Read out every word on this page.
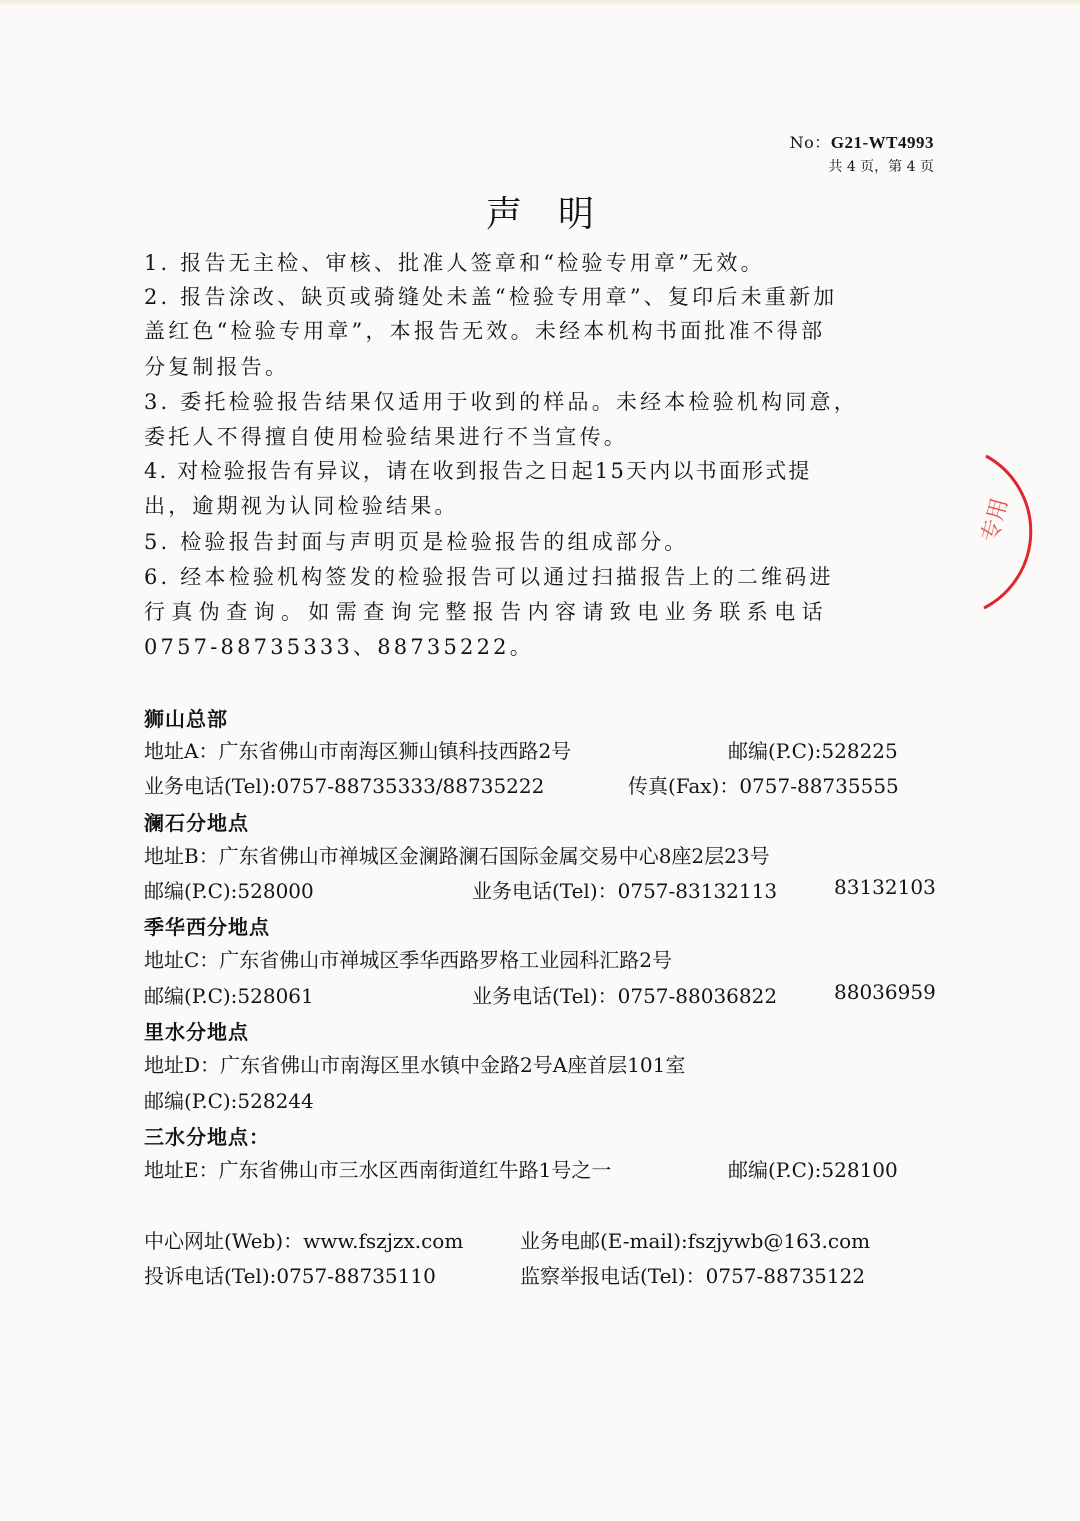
No：G21-WT4993
共 4 页，第 4 页
声明
1. 报告无主检、审核、批准人签章和“检验专用章”无效。
2. 报告涂改、缺页或骑缝处未盖“检验专用章”、复印后未重新加
盖红色“检验专用章”，本报告无效。未经本机构书面批准不得部
分复制报告。
3. 委托检验报告结果仅适用于收到的样品。未经本检验机构同意，
委托人不得擅自使用检验结果进行不当宣传。
4. 对检验报告有异议，请在收到报告之日起15天内以书面形式提
出，逾期视为认同检验结果。
5. 检验报告封面与声明页是检验报告的组成部分。
6. 经本检验机构签发的检验报告可以通过扫描报告上的二维码进
行真伪查询。如需查询完整报告内容请致电业务联系电话
0757-88735333、88735222。
狮山总部
地址A：广东省佛山市南海区狮山镇科技西路2号	邮编(P.C):528225
业务电话(Tel):0757-88735333/88735222	传真(Fax)：0757-88735555
澜石分地点
地址B：广东省佛山市禅城区金澜路澜石国际金属交易中心8座2层23号
邮编(P.C):528000	业务电话(Tel)：0757-83132113	83132103
季华西分地点
地址C：广东省佛山市禅城区季华西路罗格工业园科汇路2号
邮编(P.C):528061	业务电话(Tel)：0757-88036822	88036959
里水分地点
地址D：广东省佛山市南海区里水镇中金路2号A座首层101室
邮编(P.C):528244
三水分地点：
地址E：广东省佛山市三水区西南街道红牛路1号之一	邮编(P.C):528100
中心网址(Web)：www.fszjzx.com	业务电邮(E-mail):fszjywb@163.com
投诉电话(Tel):0757-88735110	监察举报电话(Tel)：0757-88735122
专用
